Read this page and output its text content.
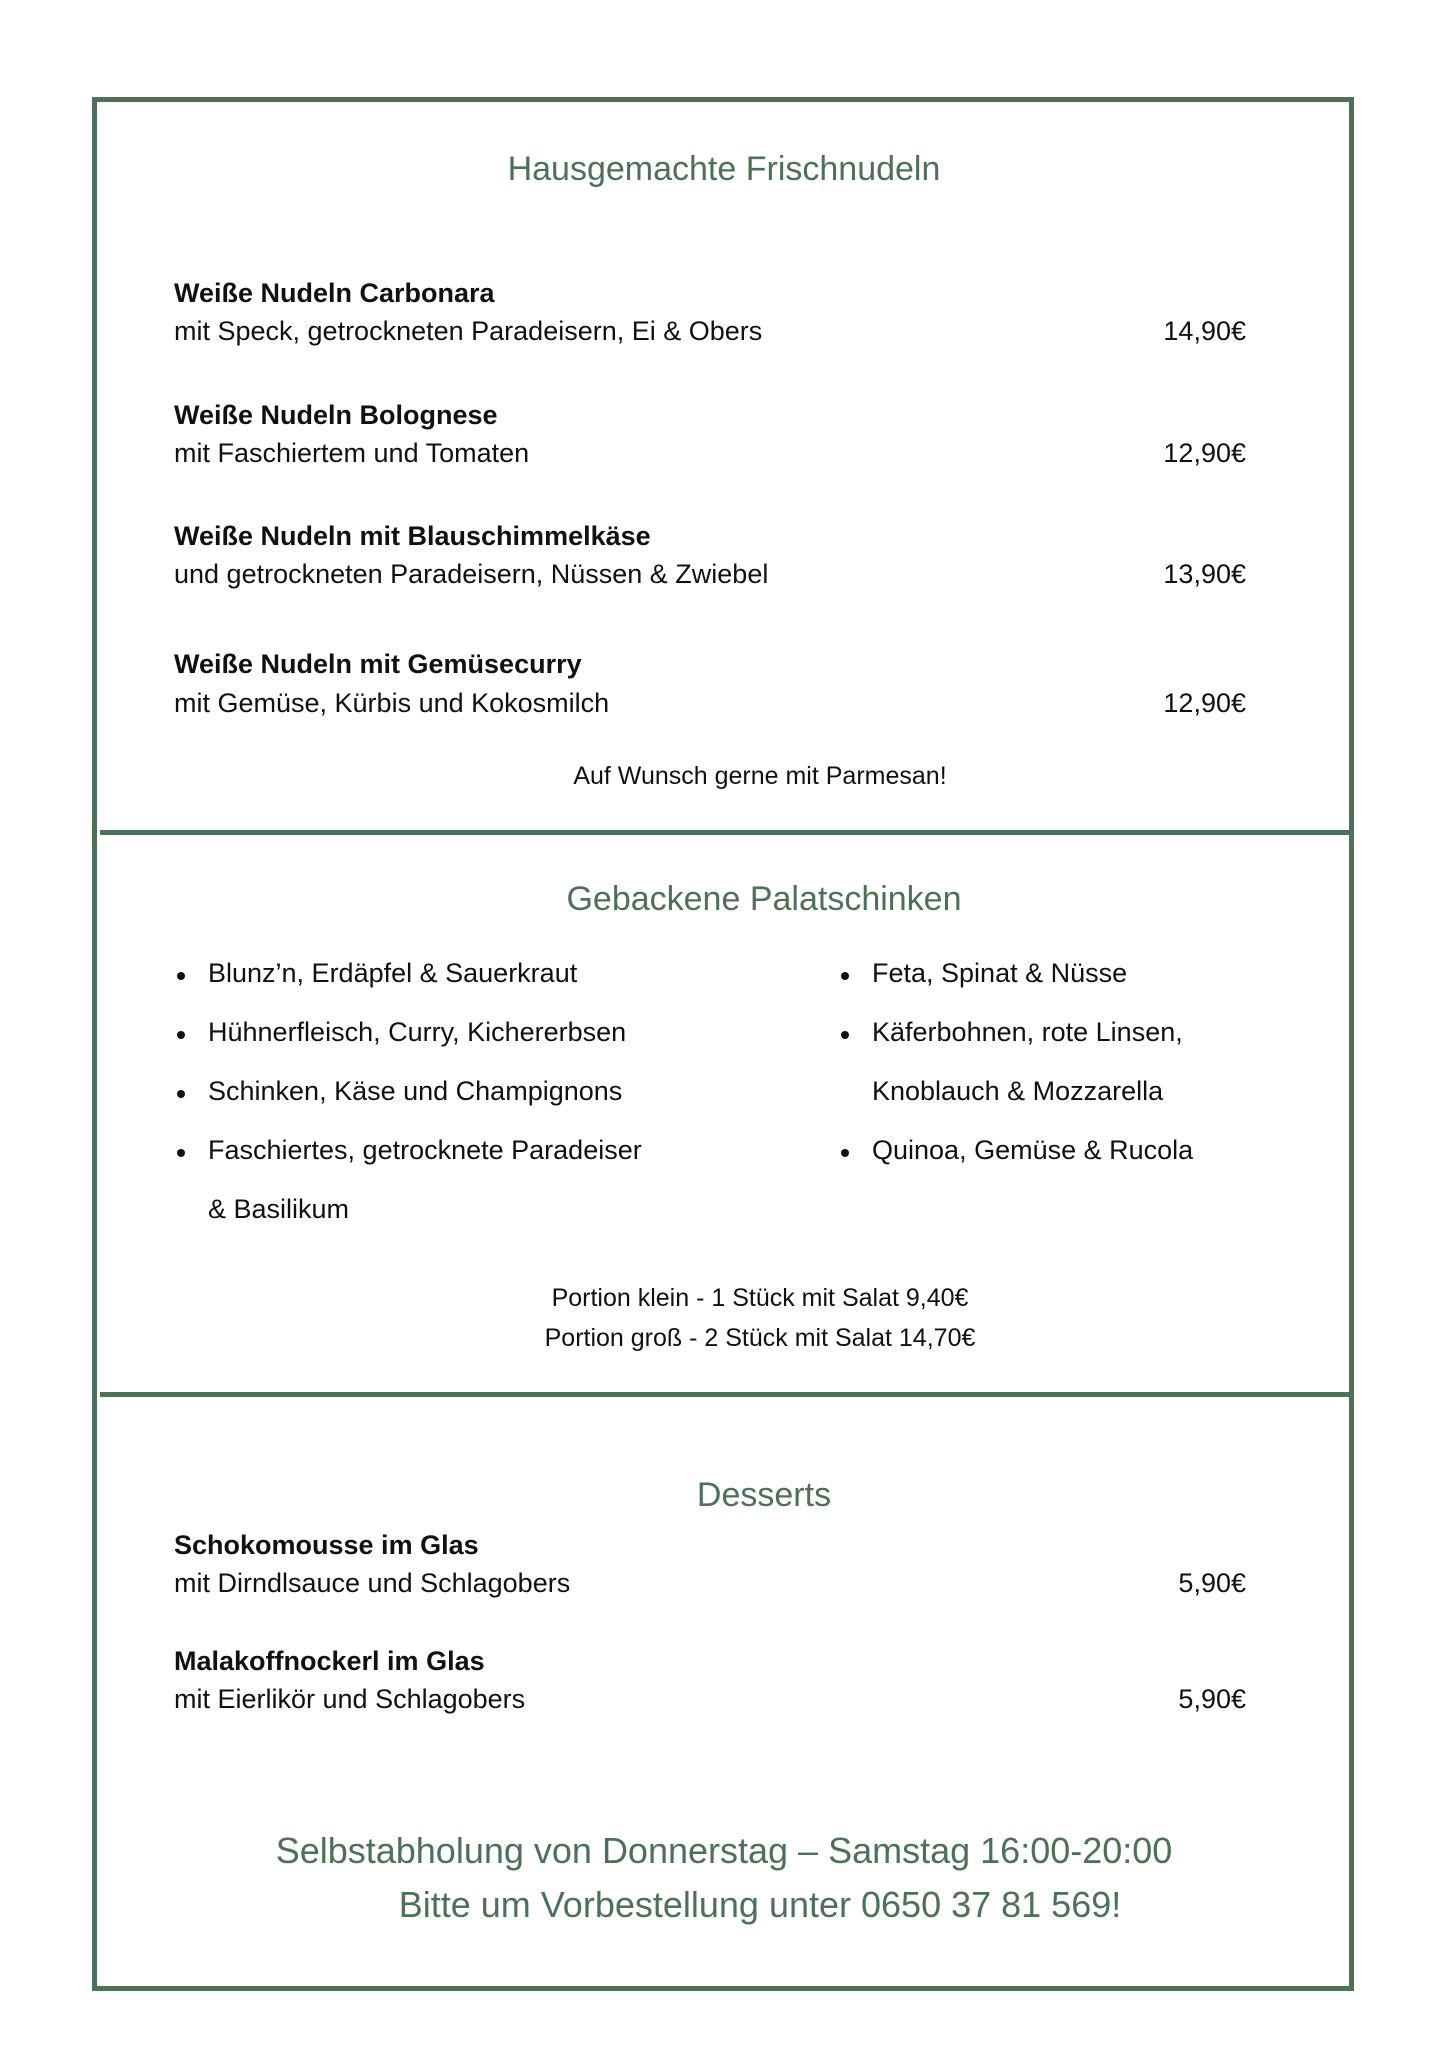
Hausgemachte Frischnudeln
Weiße Nudeln Carbonara
mit Speck, getrockneten Paradeisern, Ei & Obers	14,90€
Weiße Nudeln Bolognese
mit Faschiertem und Tomaten	12,90€
Weiße Nudeln mit Blauschimmelkäse
und getrockneten Paradeisern, Nüssen & Zwiebel	13,90€
Weiße Nudeln mit Gemüsecurry
mit Gemüse, Kürbis und Kokosmilch	12,90€
Auf Wunsch gerne mit Parmesan!
Gebackene Palatschinken
Blunz’n, Erdäpfel & Sauerkraut
Hühnerfleisch, Curry, Kichererbsen
Schinken, Käse und Champignons
Faschiertes, getrocknete Paradeiser
& Basilikum
Feta, Spinat & Nüsse
Käferbohnen, rote Linsen,
Knoblauch & Mozzarella
Quinoa, Gemüse & Rucola
Portion klein - 1 Stück mit Salat 9,40€
Portion groß - 2 Stück mit Salat 14,70€
Desserts
Schokomousse im Glas
mit Dirndlsauce und Schlagobers	5,90€
Malakoffnockerl im Glas
mit Eierlikör und Schlagobers	5,90€
Selbstabholung von Donnerstag – Samstag 16:00-20:00
Bitte um Vorbestellung unter 0650 37 81 569!
